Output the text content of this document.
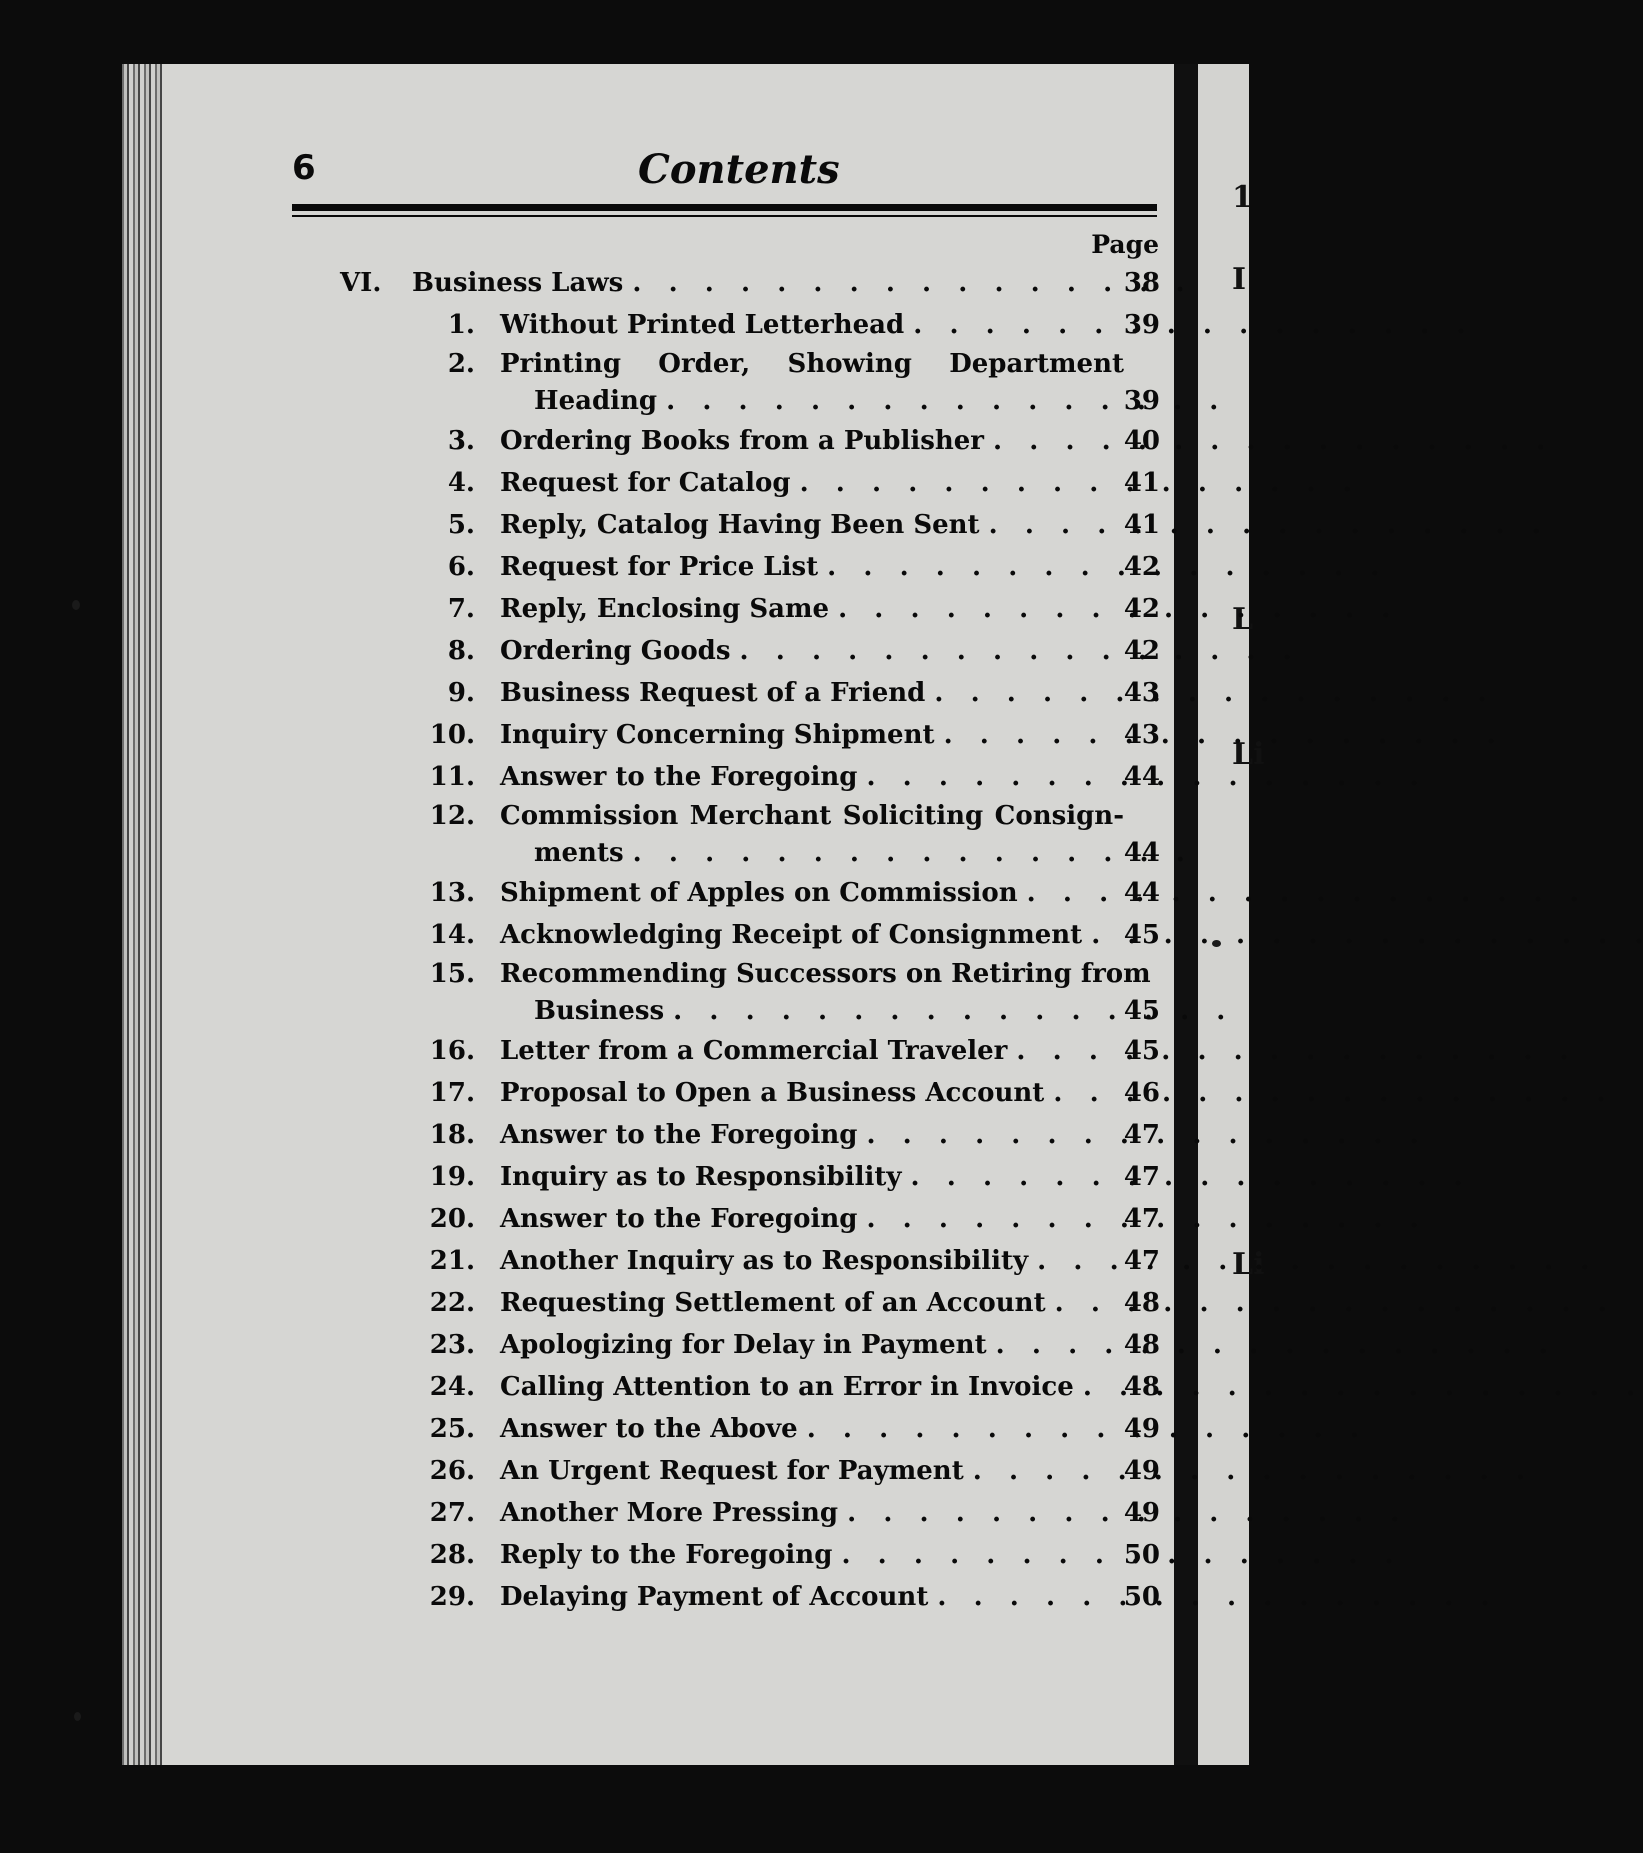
1
I
L
Li
Li
6	Contents
Page
VI. Business Laws .   .	38
1. Without Printed Letterhead .   .	39
2. Printing Order, Showing Department
Heading .   .	39
3. Ordering Books from a Publisher .   .	40
4. Request for Catalog .   .	41
5. Reply, Catalog Having Been Sent .   .	41
6. Request for Price List .   .	42
7. Reply, Enclosing Same .   .	42
8. Ordering Goods .   .	42
9. Business Request of a Friend .   .	43
10. Inquiry Concerning Shipment .   .	43
11. Answer to the Foregoing .   .	44
12. Commission Merchant Soliciting Consign-
ments .   .	44
13. Shipment of Apples on Commission .   .	44
14. Acknowledging Receipt of Consignment .   .	45
15. Recommending Successors on Retiring from
Business .   .	45
16. Letter from a Commercial Traveler .   .	45
17. Proposal to Open a Business Account .   .	46
18. Answer to the Foregoing .   .	47
19. Inquiry as to Responsibility .   .	47
20. Answer to the Foregoing .   .	47
21. Another Inquiry as to Responsibility .   .	47
22. Requesting Settlement of an Account .   .	48
23. Apologizing for Delay in Payment .   .	48
24. Calling Attention to an Error in Invoice .   .	48
25. Answer to the Above .   .	49
26. An Urgent Request for Payment .   .	49
27. Another More Pressing .   .	49
28. Reply to the Foregoing .   .	50
29. Delaying Payment of Account .   .	50
